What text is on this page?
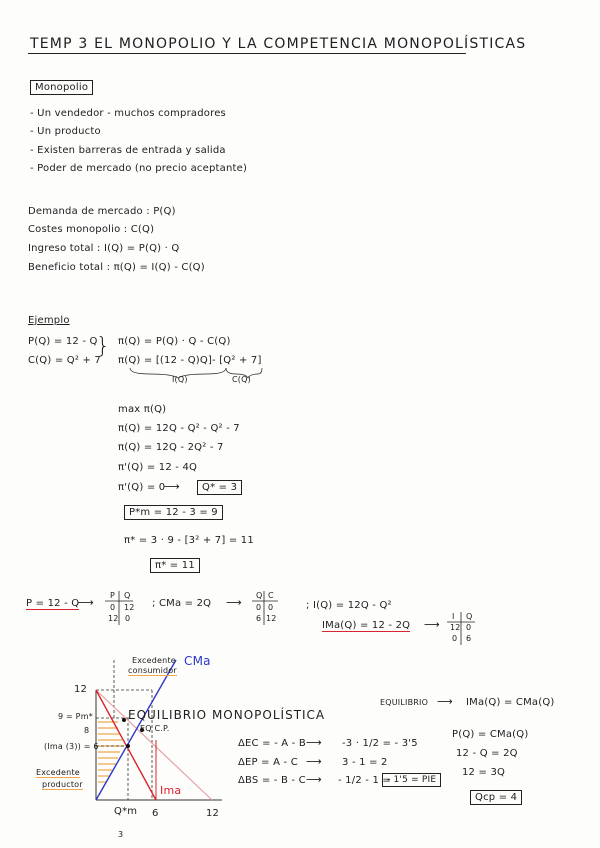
TEMP 3 EL MONOPOLIO Y LA COMPETENCIA MONOPOLÍSTICAS
Monopolio
- Un vendedor - muchos compradores
- Un producto
- Existen barreras de entrada y salida
- Poder de mercado (no precio aceptante)
Demanda de mercado : P(Q)
Costes monopolio : C(Q)
Ingreso total : I(Q) = P(Q) · Q
Beneficio total : π(Q) = I(Q) - C(Q)
Ejemplo
P(Q) = 12 - Q
C(Q) = Q² + 7
} π(Q) = P(Q) · Q - C(Q)
π(Q) = [(12 - Q)Q] - [Q² + 7]
I(Q)	C(Q)
max π(Q)
π(Q) = 12Q - Q² - Q² - 7
π(Q) = 12Q - 2Q² - 7
π'(Q) = 12 - 4Q
π'(Q) = 0
⟶	Q* = 3
P*m = 12 - 3 = 9
π* = 3 · 9 - [3² + 7] = 11
π* = 11
P = 12 - Q
⟶
P Q
0 12
12 0
; CMa = 2Q ⟶
Q C
0 0
6 12
; I(Q) = 12Q - Q²
IMa(Q) = 12 - 2Q ⟶
I Q
12 0
0 6
Excedente
consumidor
CMa
12
9 = Pm*
8
(Ima (3)) = 6
EQUILIBRIO MONOPOLÍSTICA
EQ C.P.
Ima
Excedente
productor
Q*m
3
6	12
ΔEC = - A - B ⟶ -3 · 1/2 = - 3'5
ΔEP = A - C ⟶ 3 - 1 = 2
ΔBS = - B - C ⟶ - 1/2 - 1 =
- 1'5 = PIE
EQUILIBRIO ⟶ IMa(Q) = CMa(Q)
P(Q) = CMa(Q)
12 - Q = 2Q
12 = 3Q
Qcp = 4
